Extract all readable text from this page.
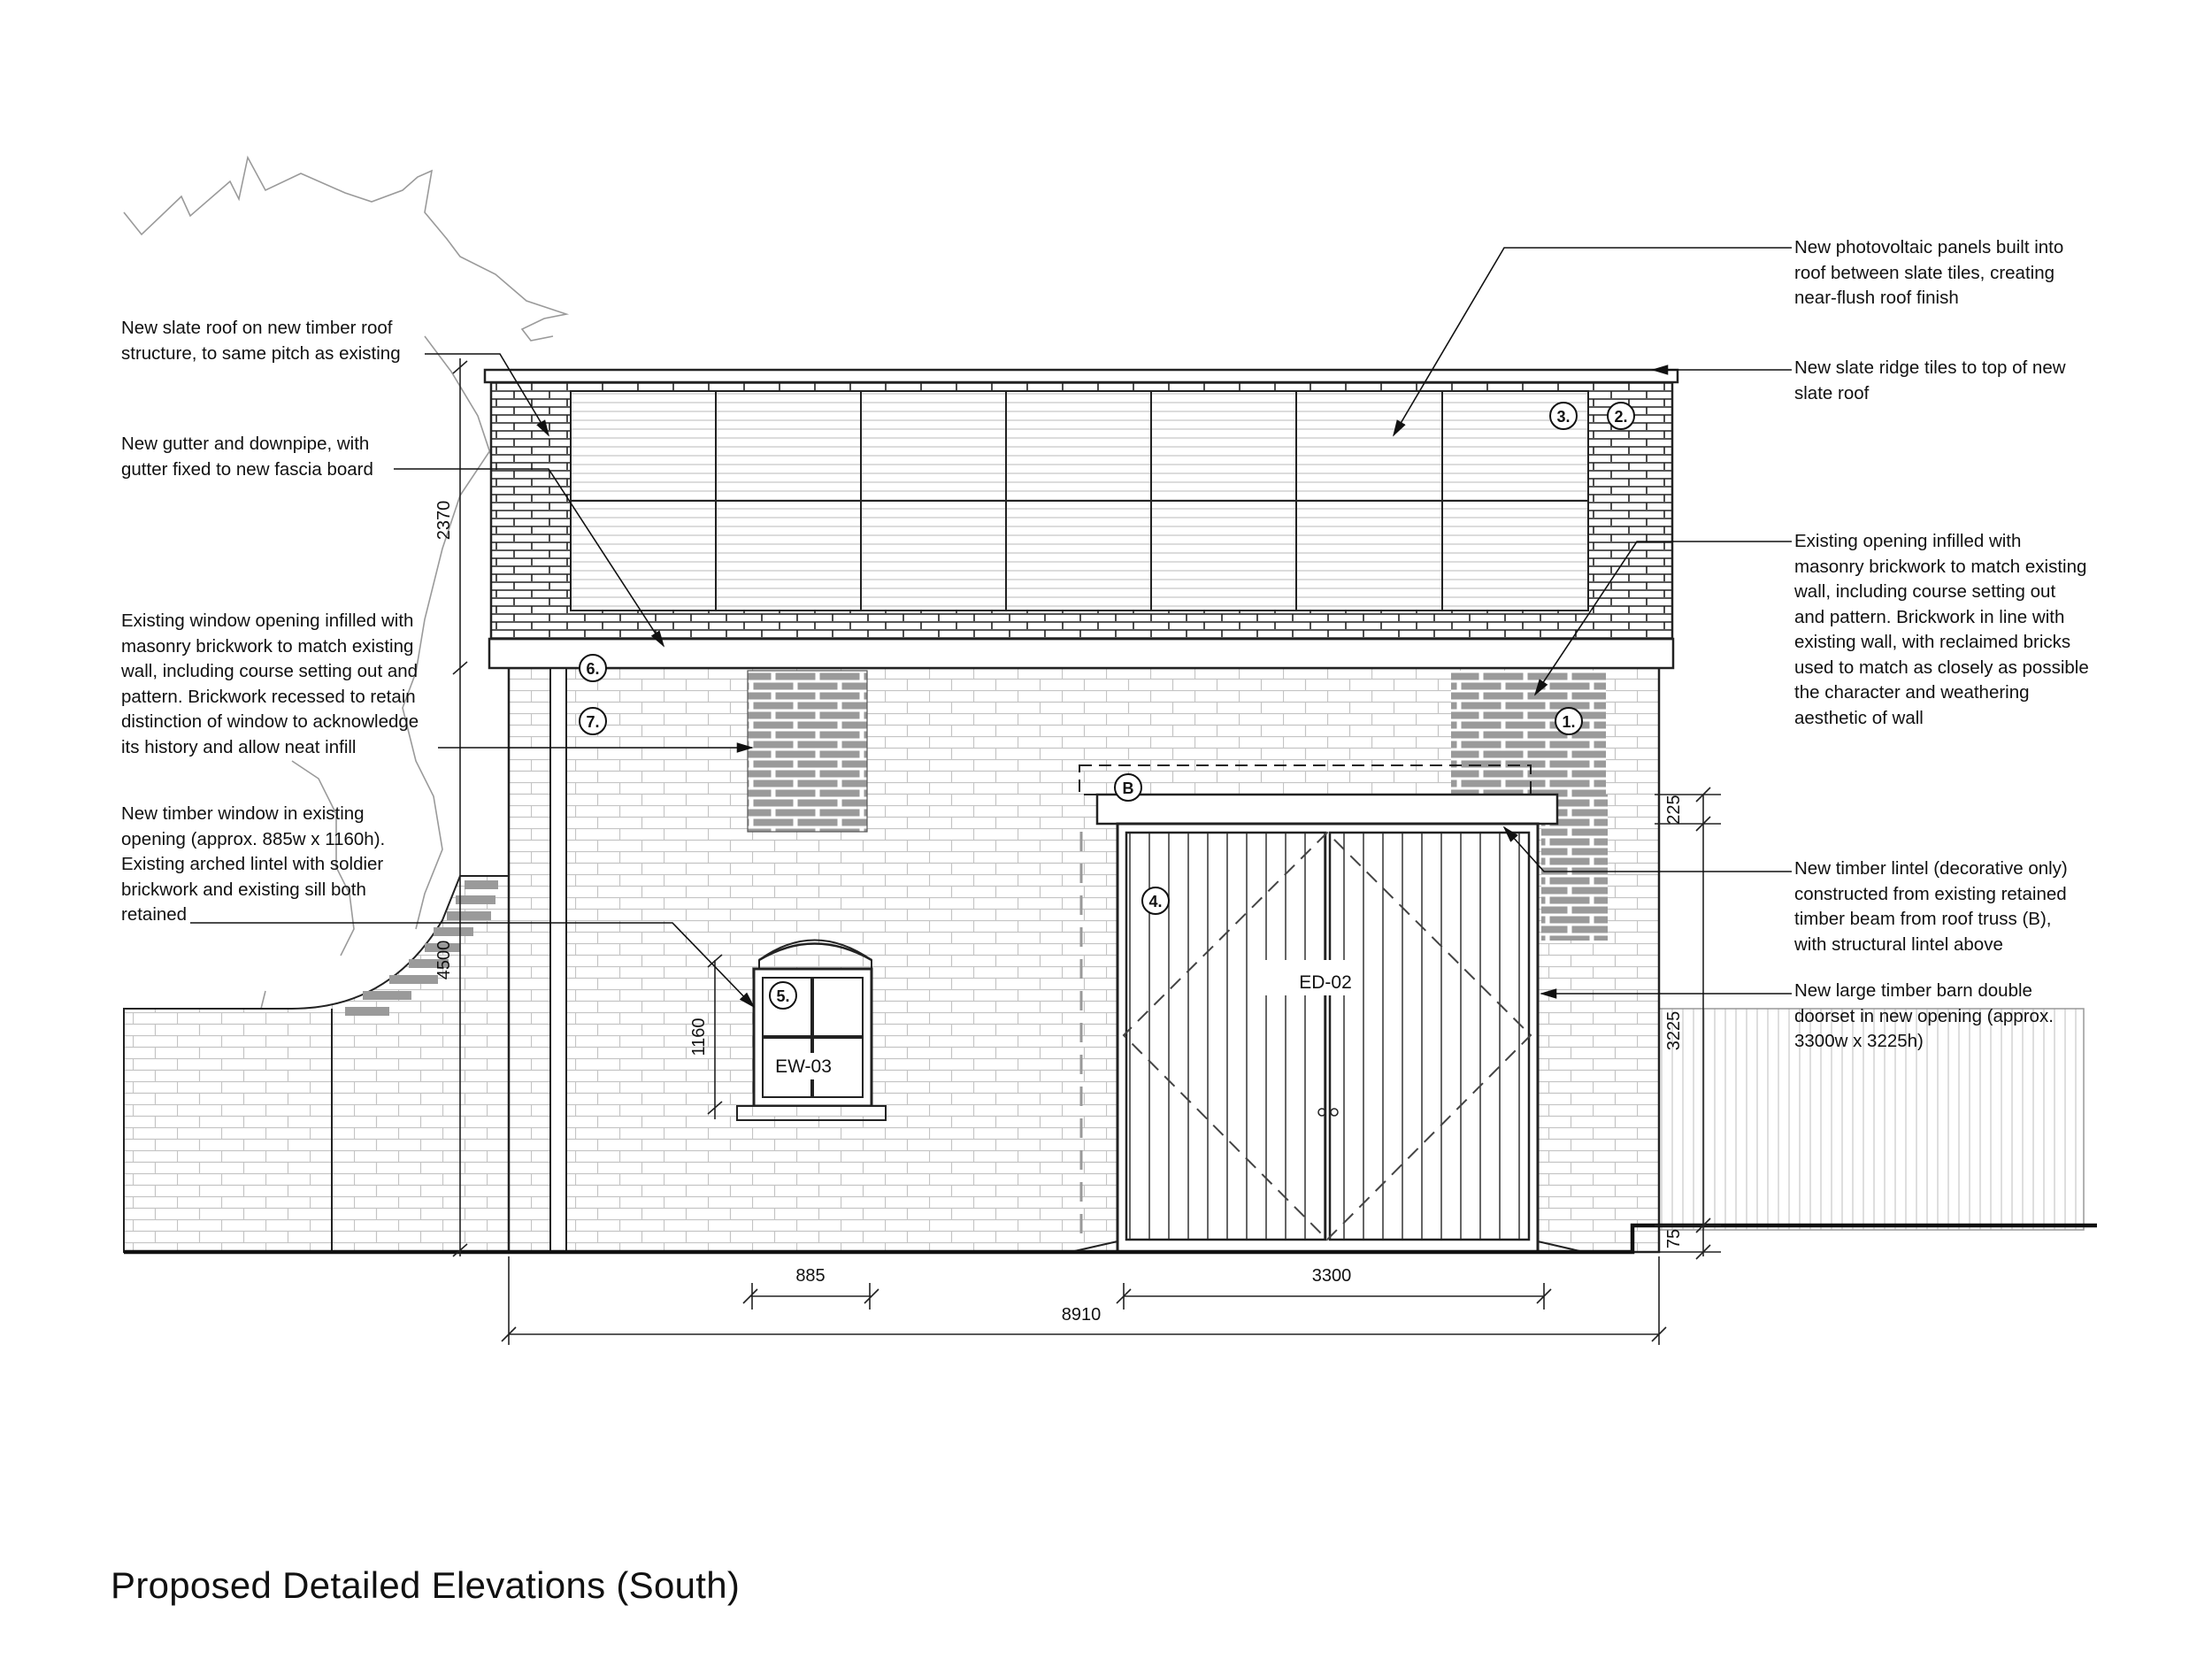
2370
4500
1160
885	3300
8910
225
3225
75
EW-03
ED-02
1.
2.
3.
4.
5.
6.
7.
B

New slate roof on new timber roof
structure, to same pitch as existing

New gutter and downpipe, with
gutter fixed to new fascia board

Existing window opening infilled with
masonry brickwork to match existing
wall, including course setting out and
pattern. Brickwork recessed to retain
distinction of window to acknowledge
its history and allow neat infill

New timber window in existing
opening (approx. 885w x 1160h).
Existing arched lintel with soldier
brickwork and existing sill both
retained

New photovoltaic panels built into
roof between slate tiles, creating
near-flush roof finish

New slate ridge tiles to top of new
slate roof

Existing opening infilled with
masonry brickwork to match existing
wall, including course setting out
and pattern. Brickwork in line with
existing wall, with reclaimed bricks
used to match as closely as possible
the character and weathering
aesthetic of wall

New timber lintel (decorative only)
constructed from existing retained
timber beam from roof truss (B),
with structural lintel above

New large timber barn double
doorset in new opening (approx.
3300w x 3225h)

Proposed Detailed Elevations (South)
